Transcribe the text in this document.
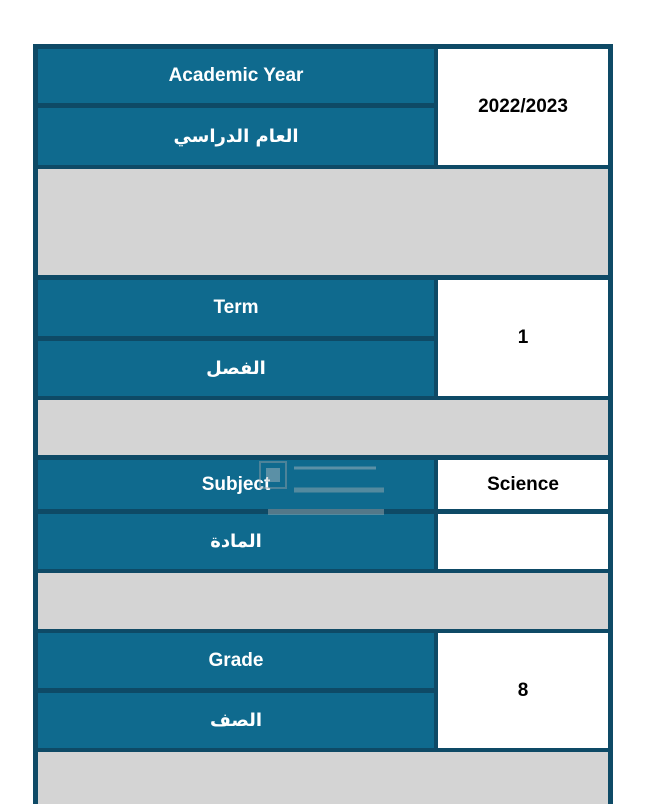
Academic Year
العام الدراسي
2022/2023
Term
الفصل
1
Subject
المادة
Science
Grade
الصف
8
